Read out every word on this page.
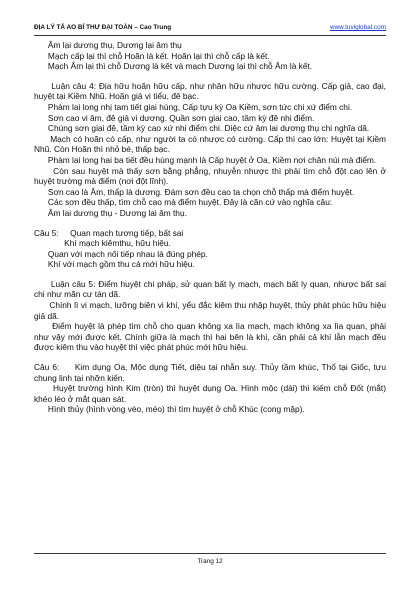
ĐỊA LÝ TẢ AO BÍ THƯ ĐẠI TOÀN – Cao Trung	www.tuviglobal.com

Âm lại dương thụ, Dương lại âm thụ

Mạch cấp lại thì chỗ Hoãn là kết. Hoãn lại thì chỗ cấp là kết.

Mạch Âm lại thì chỗ Dương là kết và mạch Dương lại thì chỗ Âm là kết.

Luận câu 4: Địa hữu hoãn hữu cấp, như nhân hữu nhược hữu cường. Cấp giả, cao đại, huyệt tại Kiềm Nhũ. Hoãn giả vi tiểu, đê bạc.

Phàm lai long nhị tam tiết giai hùng, Cấp tựu kỳ Oa Kiềm, sơn tức chi xứ điểm chi.

Sơn cao vi âm, đê giả vi dương. Quần sơn giai cao, tầm kỳ đê nhi điểm.

Chúng sơn giai đê, tầm kỳ cao xứ nhi điểm chi. Diệc cứ âm lai dương thụ chi nghĩa dã.

Mạch có hoãn có cấp, như người ta có nhược có cường. Cấp thì cao lớn: Huyệt tại Kiềm Nhũ. Còn Hoãn thì nhỏ bé, thấp bạc.

Phàm lai long hai ba tiết đều hùng mạnh là Cấp huyệt ở Oa, Kiềm nơi chân núi mà điểm.

Còn sau huyệt mà thấy sơn bằng phẳng, nhuyễn nhược thì phải tìm chỗ đột cao lên ở huyệt trường mà điểm (nơi đột lĩnh).

Sơn cao là Âm, thấp là dương. Đám sơn đều cao ta chọn chỗ thấp mà điểm huyệt.

Các sơn đều thấp, tìm chỗ cao mà điểm huyệt. Đây là căn cứ vào nghĩa câu:

Âm lai dương thụ - Dương lai âm thụ.

Câu 5:     Quan mạch tương tiếp, bất sai

Khí mạch kiêmthu, hữu hiệu.

Quan với mạch nối tiếp nhau là đúng phép.

Khí với mạch gồm thu cả mới hữu hiệu.

Luận câu 5: Điểm huyệt chi pháp, sử quan bất ly mạch, mạch bất ly quan, nhược bất sai chi như mãn cư tán dã.

Chính lì vi mạch, lưỡng biên vi khí, yểu đắc kiêm thu nhập huyệt, thủy phát phúc hữu hiệu giả dã.

Điểm huyệt là phép tìm chỗ cho quan không xa lìa mạch, mạch không xa lìa quan, phải như vậy mới được kết. Chính giữa là mạch thì hai bên là khí, cần phải cả khí lẫn mạch đều được kiêm thu vào huyệt thì việc phát phúc mới hữu hiệu.

Câu 6:     Kim dụng Oa, Mộc dụng Tiết, diệu tại nhẫn suy. Thủy tầm khúc, Thổ tại Giốc, tựu chung linh tại nhỡn kiến.

Huyệt trường hình Kim (tròn) thì huyệt dụng Oa. Hình mộc (dài) thì kiếm chỗ Đốt (mắt) khéo léo ở mắt quan sát.

Hình thủy (hình vòng vèo, méo) thì tìm huyệt ở chỗ Khúc (cong mặp).

Trang 12
